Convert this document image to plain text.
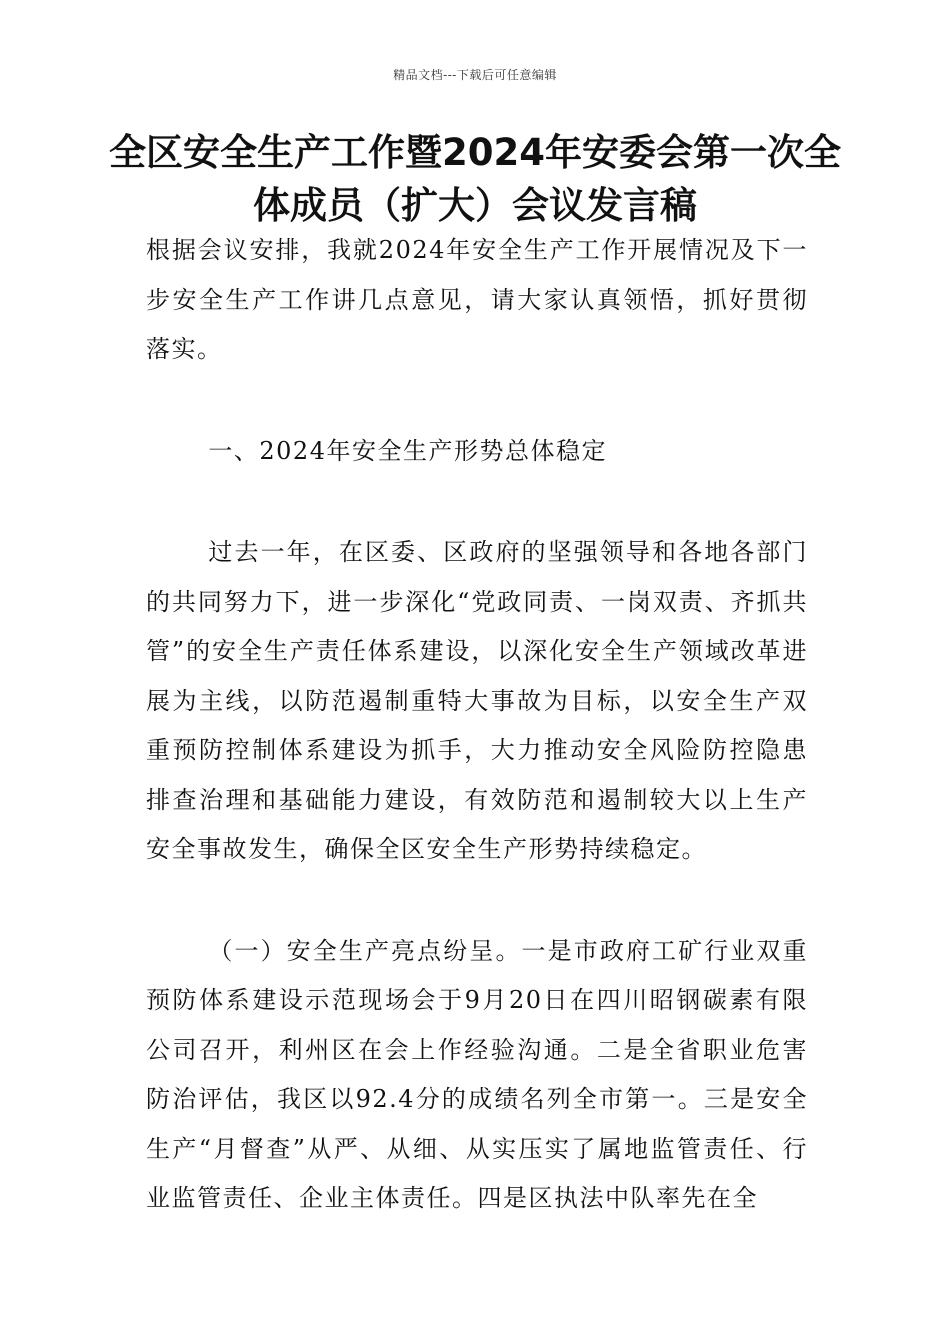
精品文档---下载后可任意编辑
全区安全生产工作暨2024年安委会第一次全体成员（扩大）会议发言稿

根据会议安排，我就2024年安全生产工作开展情况及下一步安全生产工作讲几点意见，请大家认真领悟，抓好贯彻落实。

一、2024年安全生产形势总体稳定

过去一年，在区委、区政府的坚强领导和各地各部门的共同努力下，进一步深化“党政同责、一岗双责、齐抓共管”的安全生产责任体系建设，以深化安全生产领域改革进展为主线，以防范遏制重特大事故为目标，以安全生产双重预防控制体系建设为抓手，大力推动安全风险防控隐患排查治理和基础能力建设，有效防范和遏制较大以上生产安全事故发生，确保全区安全生产形势持续稳定。

（一）安全生产亮点纷呈。一是市政府工矿行业双重预防体系建设示范现场会于9月20日在四川昭钢碳素有限公司召开，利州区在会上作经验沟通。二是全省职业危害防治评估，我区以92.4分的成绩名列全市第一。三是安全生产“月督查”从严、从细、从实压实了属地监管责任、行业监管责任、企业主体责任。四是区执法中队率先在全
